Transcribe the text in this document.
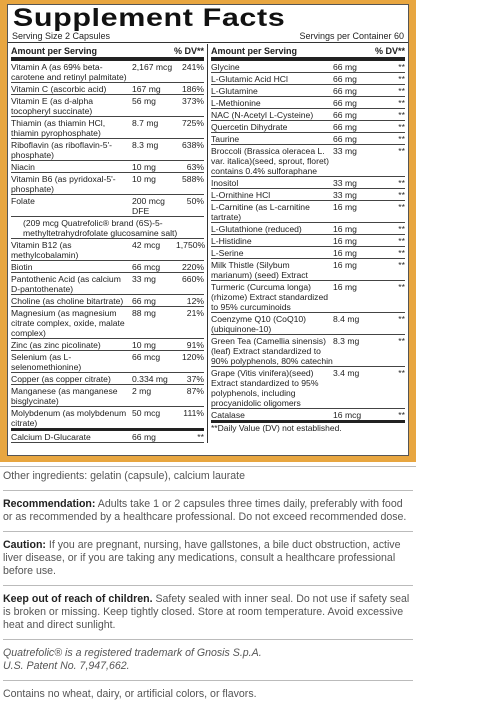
Supplement Facts
Serving Size 2 Capsules	Servings per Container 60
Amount per Serving	% DV**
Vitamin A (as 69% beta-carotene and retinyl palmitate)
2,167 mcg	241%
Vitamin C (ascorbic acid)	167 mg	186%
Vitamin E (as d-alpha tocopheryl succinate)
56 mg	373%
Thiamin (as thiamin HCl, thiamin pyrophosphate)
8.7 mg	725%
Riboflavin (as riboflavin-5'-phosphate)
8.3 mg	638%
Niacin	10 mg	63%
Vitamin B6 (as pyridoxal-5'-phosphate)
10 mg	588%
Folate	200 mcg DFE
50%
(209 mcg Quatrefolic® brand (6S)-5-methyltetrahydrofolate glucosamine salt)
Vitamin B12 (as methylcobalamin)
42 mcg	1,750%
Biotin	66 mcg	220%
Pantothenic Acid (as calcium D-pantothenate)
33 mg	660%
Choline (as choline bitartrate)	66 mg	12%
Magnesium (as magnesium citrate complex, oxide, malate complex)
88 mg	21%
Zinc (as zinc picolinate)	10 mg	91%
Selenium (as L-selenomethionine)
66 mcg	120%
Copper (as copper citrate)	0.334 mg	37%
Manganese (as manganese bisglycinate)
2 mg	87%
Molybdenum (as molybdenum citrate)
50 mcg	111%
Calcium D-Glucarate	66 mg	**
Amount per Serving	% DV**
Glycine	66 mg	**
L-Glutamic Acid HCl	66 mg	**
L-Glutamine	66 mg	**
L-Methionine	66 mg	**
NAC (N-Acetyl L-Cysteine)	66 mg	**
Quercetin Dihydrate	66 mg	**
Taurine	66 mg	**
Broccoli (Brassica oleracea L. var. italica)(seed, sprout, floret) contains 0.4% sulforaphane
33 mg	**
Inositol	33 mg	**
L-Ornithine HCl	33 mg	**
L-Carnitine (as L-carnitine tartrate)
16 mg	**
L-Glutathione (reduced)	16 mg	**
L-Histidine	16 mg	**
L-Serine	16 mg	**
Milk Thistle (Silybum marianum) (seed) Extract
16 mg	**
Turmeric (Curcuma longa)(rhizome) Extract standardized to 95% curcuminoids
16 mg	**
Coenzyme Q10 (CoQ10) (ubiquinone-10)
8.4 mg	**
Green Tea (Camellia sinensis)(leaf) Extract standardized to 90% polyphenols, 80% catechin
8.3 mg	**
Grape (Vitis vinifera)(seed) Extract standardized to 95% polyphenols, including procyanidolic oligomers
3.4 mg	**
Catalase	16 mcg	**
**Daily Value (DV) not established.

Other ingredients: gelatin (capsule), calcium laurate

Recommendation: Adults take 1 or 2 capsules three times daily, preferably with food or as recommended by a healthcare professional. Do not exceed recommended dose.

Caution: If you are pregnant, nursing, have gallstones, a bile duct obstruction, active liver disease, or if you are taking any medications, consult a healthcare professional before use.

Keep out of reach of children. Safety sealed with inner seal. Do not use if safety seal is broken or missing. Keep tightly closed. Store at room temperature. Avoid excessive heat and direct sunlight.

Quatrefolic® is a registered trademark of Gnosis S.p.A.

U.S. Patent No. 7,947,662.

Contains no wheat, dairy, or artificial colors, or flavors.
